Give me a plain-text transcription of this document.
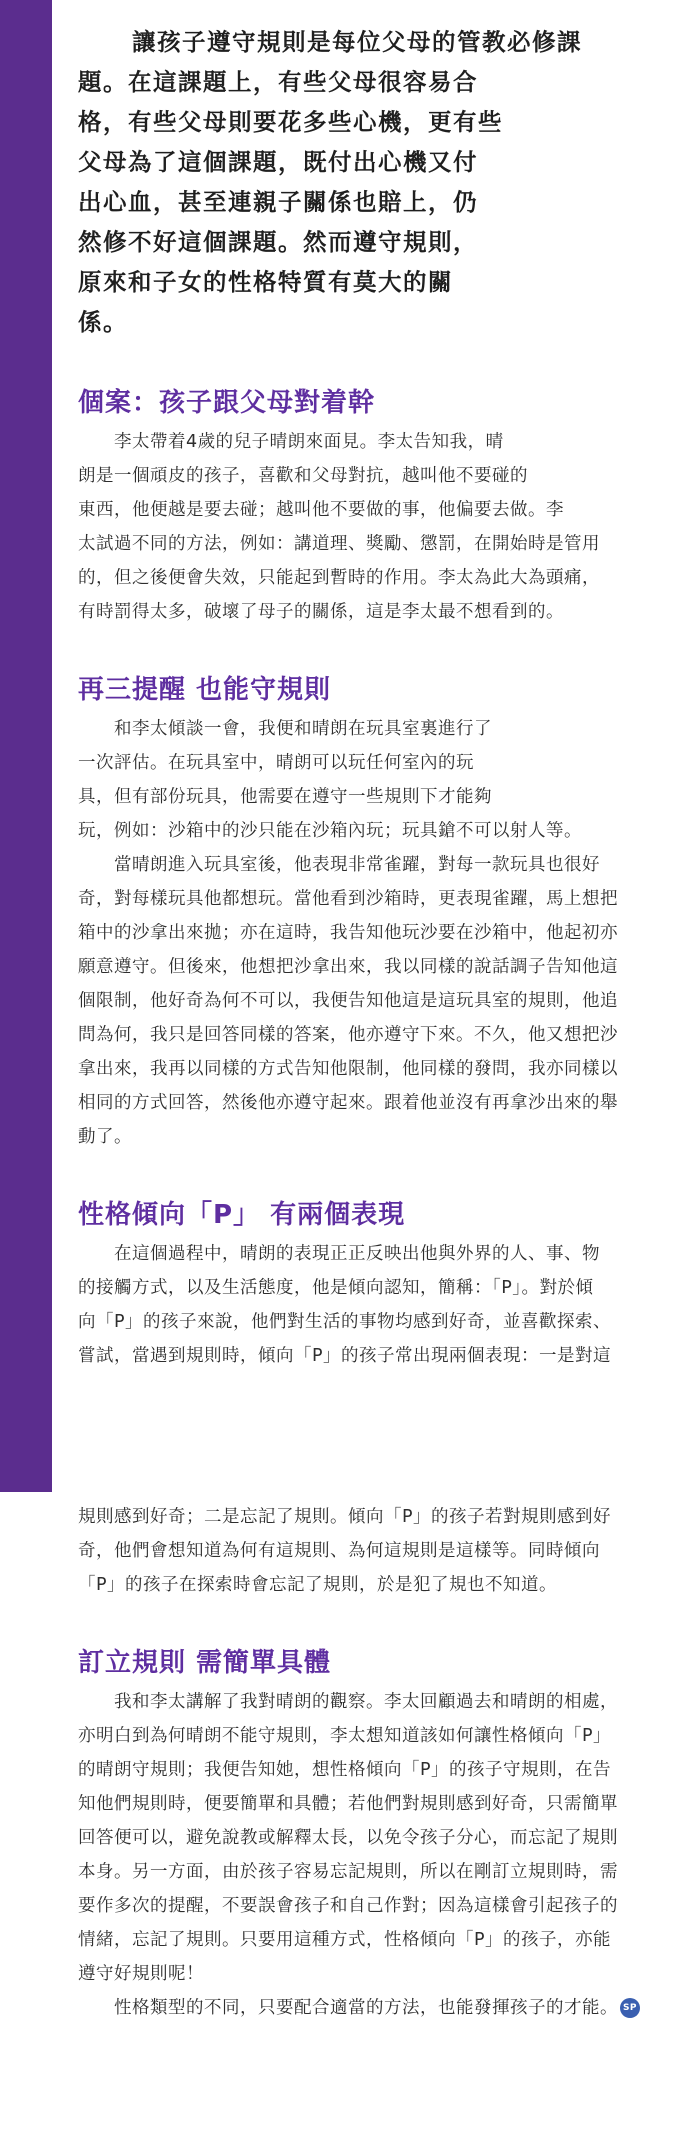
讓孩子遵守規則是每位父母的管教必修課
題。在這課題上，有些父母很容易合
格，有些父母則要花多些心機，更有些
父母為了這個課題，既付出心機又付
出心血，甚至連親子關係也賠上，仍
然修不好這個課題。然而遵守規則，
原來和子女的性格特質有莫大的關
係。

個案：孩子跟父母對着幹

李太帶着4歲的兒子晴朗來面見。李太告知我，晴
朗是一個頑皮的孩子，喜歡和父母對抗，越叫他不要碰的
東西，他便越是要去碰；越叫他不要做的事，他偏要去做。李
太試過不同的方法，例如：講道理、獎勵、懲罰，在開始時是管用
的，但之後便會失效，只能起到暫時的作用。李太為此大為頭痛，
有時罰得太多，破壞了母子的關係，這是李太最不想看到的。

再三提醒 也能守規則

和李太傾談一會，我便和晴朗在玩具室裏進行了
一次評估。在玩具室中，晴朗可以玩任何室內的玩
具，但有部份玩具，他需要在遵守一些規則下才能夠
玩，例如：沙箱中的沙只能在沙箱內玩；玩具鎗不可以射人等。
當晴朗進入玩具室後，他表現非常雀躍，對每一款玩具也很好
奇，對每樣玩具他都想玩。當他看到沙箱時，更表現雀躍，馬上想把
箱中的沙拿出來拋；亦在這時，我告知他玩沙要在沙箱中，他起初亦
願意遵守。但後來，他想把沙拿出來，我以同樣的說話調子告知他這
個限制，他好奇為何不可以，我便告知他這是這玩具室的規則，他追
問為何，我只是回答同樣的答案，他亦遵守下來。不久，他又想把沙
拿出來，我再以同樣的方式告知他限制，他同樣的發問，我亦同樣以
相同的方式回答，然後他亦遵守起來。跟着他並沒有再拿沙出來的舉
動了。

性格傾向「P」 有兩個表現

在這個過程中，晴朗的表現正正反映出他與外界的人、事、物
的接觸方式，以及生活態度，他是傾向認知，簡稱：「P」。對於傾
向「P」的孩子來說，他們對生活的事物均感到好奇，並喜歡探索、
嘗試，當遇到規則時，傾向「P」的孩子常出現兩個表現：一是對這

規則感到好奇；二是忘記了規則。傾向「P」的孩子若對規則感到好
奇，他們會想知道為何有這規則、為何這規則是這樣等。同時傾向
「P」的孩子在探索時會忘記了規則，於是犯了規也不知道。

訂立規則 需簡單具體

我和李太講解了我對晴朗的觀察。李太回顧過去和晴朗的相處，
亦明白到為何晴朗不能守規則，李太想知道該如何讓性格傾向「P」
的晴朗守規則；我便告知她，想性格傾向「P」的孩子守規則，在告
知他們規則時，便要簡單和具體；若他們對規則感到好奇，只需簡單
回答便可以，避免說教或解釋太長，以免令孩子分心，而忘記了規則
本身。另一方面，由於孩子容易忘記規則，所以在剛訂立規則時，需
要作多次的提醒，不要誤會孩子和自己作對；因為這樣會引起孩子的
情緒，忘記了規則。只要用這種方式，性格傾向「P」的孩子，亦能
遵守好規則呢！
性格類型的不同，只要配合適當的方法，也能發揮孩子的才能。 SP
